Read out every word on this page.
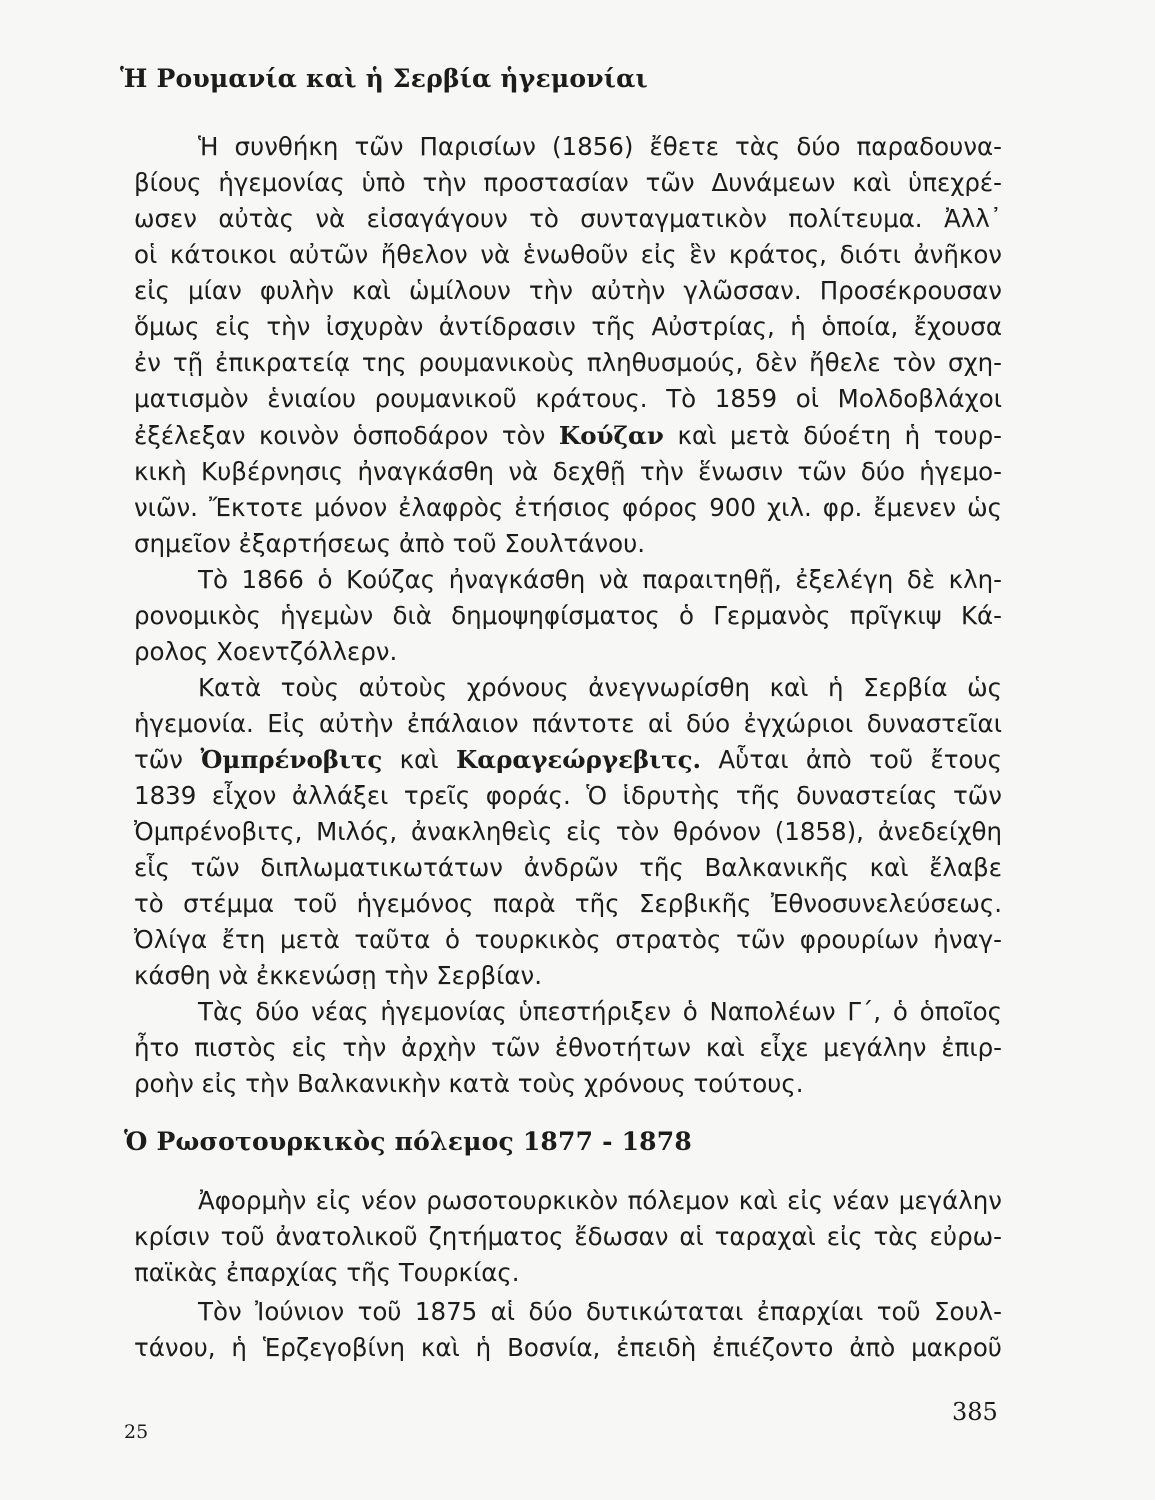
Ἡ Ρουμανία καὶ ἡ Σερβία ἡγεμονίαι

Ἡ συνθήκη τῶν Παρισίων (1856) ἔθετε τὰς δύο παραδουνα-

βίους ἡγεμονίας ὑπὸ τὴν προστασίαν τῶν Δυνάμεων καὶ ὑπεχρέ-

ωσεν αὐτὰς νὰ εἰσαγάγουν τὸ συνταγματικὸν πολίτευμα. Ἀλλ᾿

οἱ κάτοικοι αὐτῶν ἤθελον νὰ ἑνωθοῦν εἰς ἓν κράτος, διότι ἀνῆκον

εἰς μίαν φυλὴν καὶ ὡμίλουν τὴν αὐτὴν γλῶσσαν. Προσέκρουσαν

ὅμως εἰς τὴν ἰσχυρὰν ἀντίδρασιν τῆς Αὐστρίας, ἡ ὁποία, ἔχουσα

ἐν τῇ ἐπικρατείᾳ της ρουμανικοὺς πληθυσμούς, δὲν ἤθελε τὸν σχη-

ματισμὸν ἑνιαίου ρουμανικοῦ κράτους. Τὸ 1859 οἱ Μολδοβλάχοι

ἐξέλεξαν κοινὸν ὁσποδάρον τὸν Κούζαν καὶ μετὰ δύοέτη ἡ τουρ-

κικὴ Κυβέρνησις ἠναγκάσθη νὰ δεχθῇ τὴν ἕνωσιν τῶν δύο ἡγεμο-

νιῶν. Ἔκτοτε μόνον ἐλαφρὸς ἐτήσιος φόρος 900 χιλ. φρ. ἔμενεν ὡς

σημεῖον ἐξαρτήσεως ἀπὸ τοῦ Σουλτάνου.

Τὸ 1866 ὁ Κούζας ἠναγκάσθη νὰ παραιτηθῇ, ἐξελέγη δὲ κλη-

ρονομικὸς ἡγεμὼν διὰ δημοψηφίσματος ὁ Γερμανὸς πρῖγκιψ Κά-

ρολος Χοεντζόλλερν.

Κατὰ τοὺς αὐτοὺς χρόνους ἀνεγνωρίσθη καὶ ἡ Σερβία ὡς

ἡγεμονία. Εἰς αὐτὴν ἐπάλαιον πάντοτε αἱ δύο ἐγχώριοι δυναστεῖαι

τῶν Ὀμπρένοβιτς καὶ Καραγεώργεβιτς. Αὗται ἀπὸ τοῦ ἔτους

1839 εἶχον ἀλλάξει τρεῖς φοράς. Ὁ ἱδρυτὴς τῆς δυναστείας τῶν

Ὀμπρένοβιτς, Μιλός, ἀνακληθεὶς εἰς τὸν θρόνον (1858), ἀνεδείχθη

εἷς τῶν διπλωματικωτάτων ἀνδρῶν τῆς Βαλκανικῆς καὶ ἔλαβε

τὸ στέμμα τοῦ ἡγεμόνος παρὰ τῆς Σερβικῆς Ἐθνοσυνελεύσεως.

Ὀλίγα ἔτη μετὰ ταῦτα ὁ τουρκικὸς στρατὸς τῶν φρουρίων ἠναγ-

κάσθη νὰ ἐκκενώσῃ τὴν Σερβίαν.

Τὰς δύο νέας ἡγεμονίας ὑπεστήριξεν ὁ Ναπολέων Γ΄, ὁ ὁποῖος

ἦτο πιστὸς εἰς τὴν ἀρχὴν τῶν ἐθνοτήτων καὶ εἶχε μεγάλην ἐπιρ-

ροὴν εἰς τὴν Βαλκανικὴν κατὰ τοὺς χρόνους τούτους.

Ὁ Ρωσοτουρκικὸς πόλεμος 1877 - 1878

Ἀφορμὴν εἰς νέον ρωσοτουρκικὸν πόλεμον καὶ εἰς νέαν μεγάλην

κρίσιν τοῦ ἀνατολικοῦ ζητήματος ἔδωσαν αἱ ταραχαὶ εἰς τὰς εὐρω-

παϊκὰς ἐπαρχίας τῆς Τουρκίας.

Τὸν Ἰούνιον τοῦ 1875 αἱ δύο δυτικώταται ἐπαρχίαι τοῦ Σουλ-

τάνου, ἡ Ἑρζεγοβίνη καὶ ἡ Βοσνία, ἐπειδὴ ἐπιέζοντο ἀπὸ μακροῦ

25
385
